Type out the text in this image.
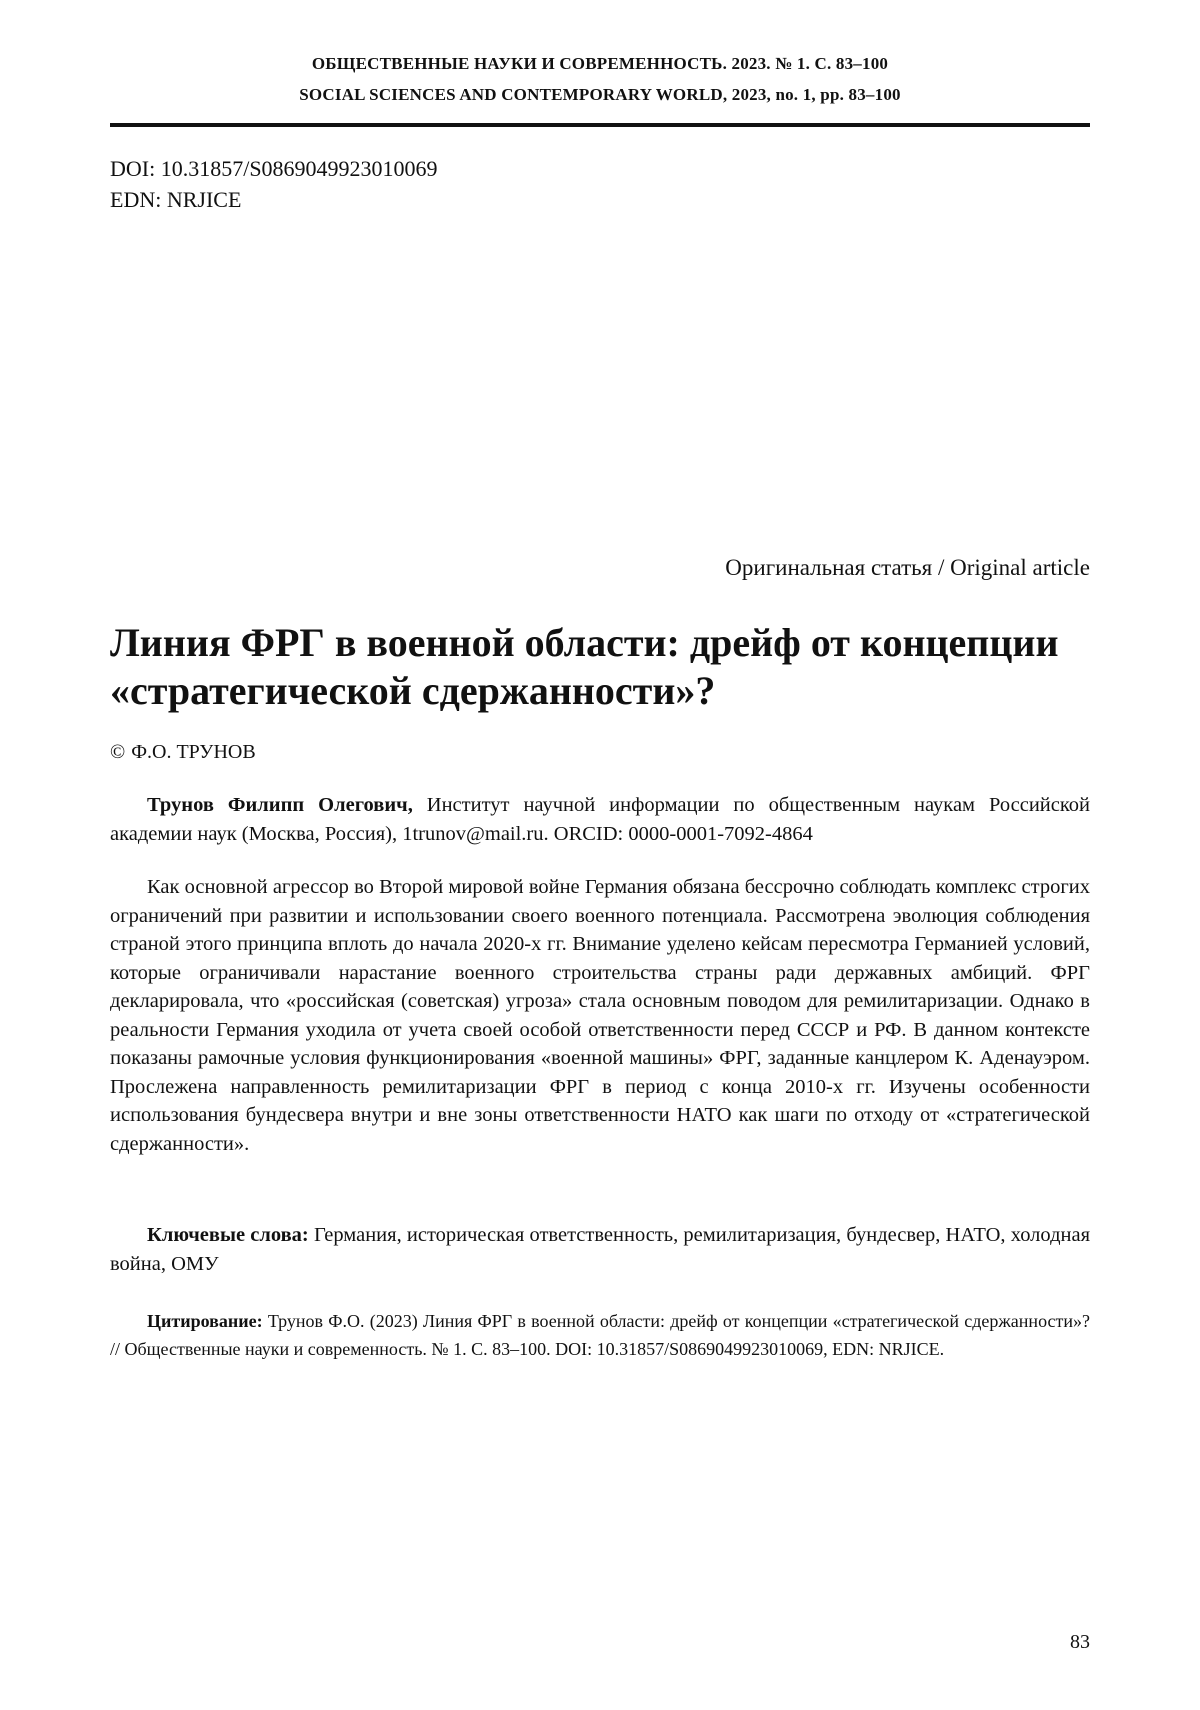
ОБЩЕСТВЕННЫЕ НАУКИ И СОВРЕМЕННОСТЬ. 2023. № 1. С. 83–100
SOCIAL SCIENCES AND CONTEMPORARY WORLD, 2023, no. 1, pp. 83–100
DOI: 10.31857/S0869049923010069
EDN: NRJICE
Оригинальная статья / Original article
Линия ФРГ в военной области: дрейф от концепции
«стратегической сдержанности»?
© Ф.О. ТРУНОВ

Трунов Филипп Олегович, Институт научной информации по общественным наукам Российской академии наук (Москва, Россия), 1trunov@mail.ru. ORCID: 0000-0001-7092-4864

Как основной агрессор во Второй мировой войне Германия обязана бессрочно соблюдать комплекс строгих ограничений при развитии и использовании своего военного потенциала. Рассмотрена эволюция соблюдения страной этого принципа вплоть до начала 2020-х гг. Внимание уделено кейсам пересмотра Германией условий, которые ограничивали нарастание военного строительства страны ради державных амбиций. ФРГ декларировала, что «российская (советская) угроза» стала основным поводом для ремилитаризации. Однако в реальности Германия уходила от учета своей особой ответственности перед СССР и РФ. В данном контексте показаны рамочные условия функционирования «военной машины» ФРГ, заданные канцлером К. Аденауэром. Прослежена направленность ремилитаризации ФРГ в период с конца 2010-х гг. Изучены особенности использования бундесвера внутри и вне зоны ответственности НАТО как шаги по отходу от «стратегической сдержанности».

Ключевые слова: Германия, историческая ответственность, ремилитаризация, бундесвер, НАТО, холодная война, ОМУ

Цитирование: Трунов Ф.О. (2023) Линия ФРГ в военной области: дрейф от концепции «стратегической сдержанности»? // Общественные науки и современность. № 1. С. 83–100. DOI: 10.31857/S0869049923010069, EDN: NRJICE.

83
